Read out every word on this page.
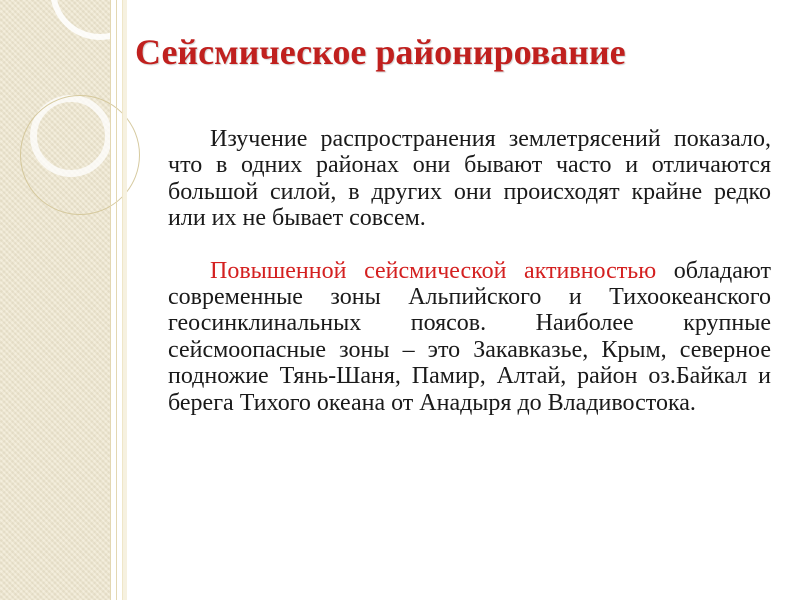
Сейсмическое районирование

Изучение распространения землетрясений показало, что в одних районах они бывают часто и отличаются большой силой, в других они происходят крайне редко или их не бывает совсем.

Повышенной сейсмической активностью обладают современные зоны Альпийского и Тихоокеанского геосинклинальных поясов. Наиболее крупные сейсмоопасные зоны – это Закавказье, Крым, северное подножие Тянь-Шаня, Памир, Алтай, район оз.Байкал и берега Тихого океана от Анадыря до Владивостока.
